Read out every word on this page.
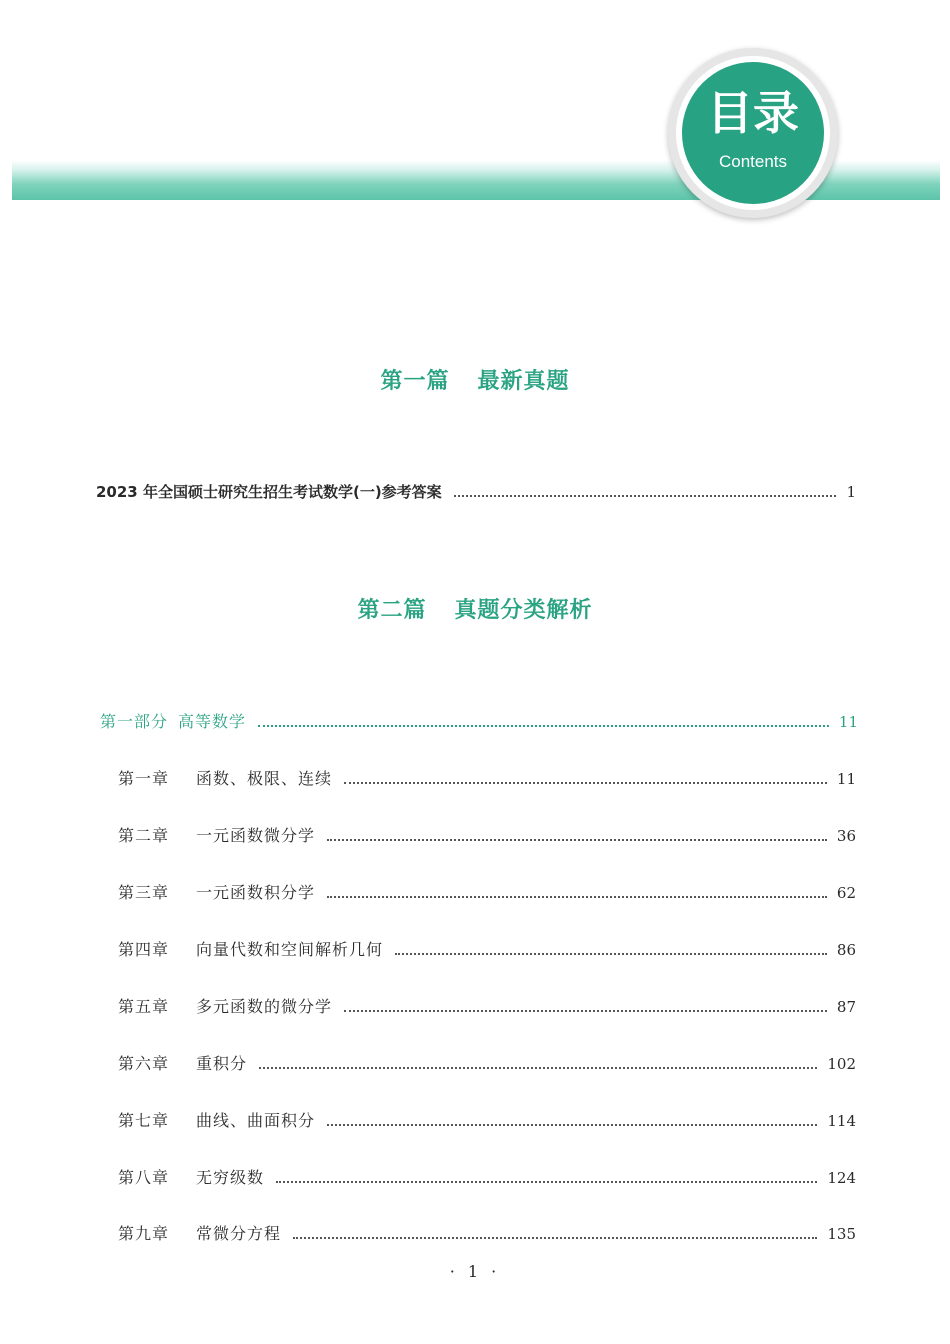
目录
Contents
第一篇 最新真题
2023 年全国硕士研究生招生考试数学(一)参考答案	1
第二篇 真题分类解析
第一部分 高等数学	11
第一章	函数、极限、连续	11
第二章	一元函数微分学	36
第三章	一元函数积分学	62
第四章	向量代数和空间解析几何	86
第五章	多元函数的微分学	87
第六章	重积分	102
第七章	曲线、曲面积分	114
第八章	无穷级数	124
第九章	常微分方程	135
· 1 ·
